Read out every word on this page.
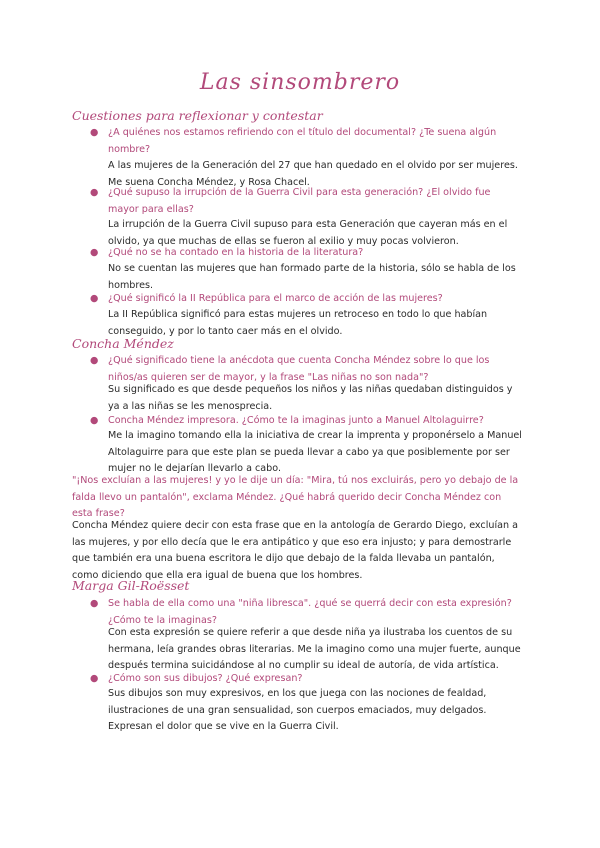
Las sinsombrero
Cuestiones para reflexionar y contestar
● ¿A quiénes nos estamos refiriendo con el título del documental? ¿Te suena algún
nombre?
A las mujeres de la Generación del 27 que han quedado en el olvido por ser mujeres.
Me suena Concha Méndez, y Rosa Chacel.
● ¿Qué supuso la irrupción de la Guerra Civil para esta generación? ¿El olvido fue
mayor para ellas?
La irrupción de la Guerra Civil supuso para esta Generación que cayeran más en el
olvido, ya que muchas de ellas se fueron al exilio y muy pocas volvieron.
● ¿Qué no se ha contado en la historia de la literatura?
No se cuentan las mujeres que han formado parte de la historia, sólo se habla de los
hombres.
● ¿Qué significó la II República para el marco de acción de las mujeres?
La II República significó para estas mujeres un retroceso en todo lo que habían
conseguido, y por lo tanto caer más en el olvido.
Concha Méndez
● ¿Qué significado tiene la anécdota que cuenta Concha Méndez sobre lo que los
niños/as quieren ser de mayor, y la frase "Las niñas no son nada"?
Su significado es que desde pequeños los niños y las niñas quedaban distinguidos y
ya a las niñas se les menosprecia.
● Concha Méndez impresora. ¿Cómo te la imaginas junto a Manuel Altolaguirre?
Me la imagino tomando ella la iniciativa de crear la imprenta y proponérselo a Manuel
Altolaguirre para que este plan se pueda llevar a cabo ya que posiblemente por ser
mujer no le dejarían llevarlo a cabo.
"¡Nos excluían a las mujeres! y yo le dije un día: "Mira, tú nos excluirás, pero yo debajo de la
falda llevo un pantalón", exclama Méndez. ¿Qué habrá querido decir Concha Méndez con
esta frase?
Concha Méndez quiere decir con esta frase que en la antología de Gerardo Diego, excluían a
las mujeres, y por ello decía que le era antipático y que eso era injusto; y para demostrarle
que también era una buena escritora le dijo que debajo de la falda llevaba un pantalón,
como diciendo que ella era igual de buena que los hombres.
Marga Gil-Roësset
● Se habla de ella como una "niña libresca". ¿qué se querrá decir con esta expresión?
¿Cómo te la imaginas?
Con esta expresión se quiere referir a que desde niña ya ilustraba los cuentos de su
hermana, leía grandes obras literarias. Me la imagino como una mujer fuerte, aunque
después termina suicidándose al no cumplir su ideal de autoría, de vida artística.
● ¿Cómo son sus dibujos? ¿Qué expresan?
Sus dibujos son muy expresivos, en los que juega con las nociones de fealdad,
ilustraciones de una gran sensualidad, son cuerpos emaciados, muy delgados.
Expresan el dolor que se vive en la Guerra Civil.
